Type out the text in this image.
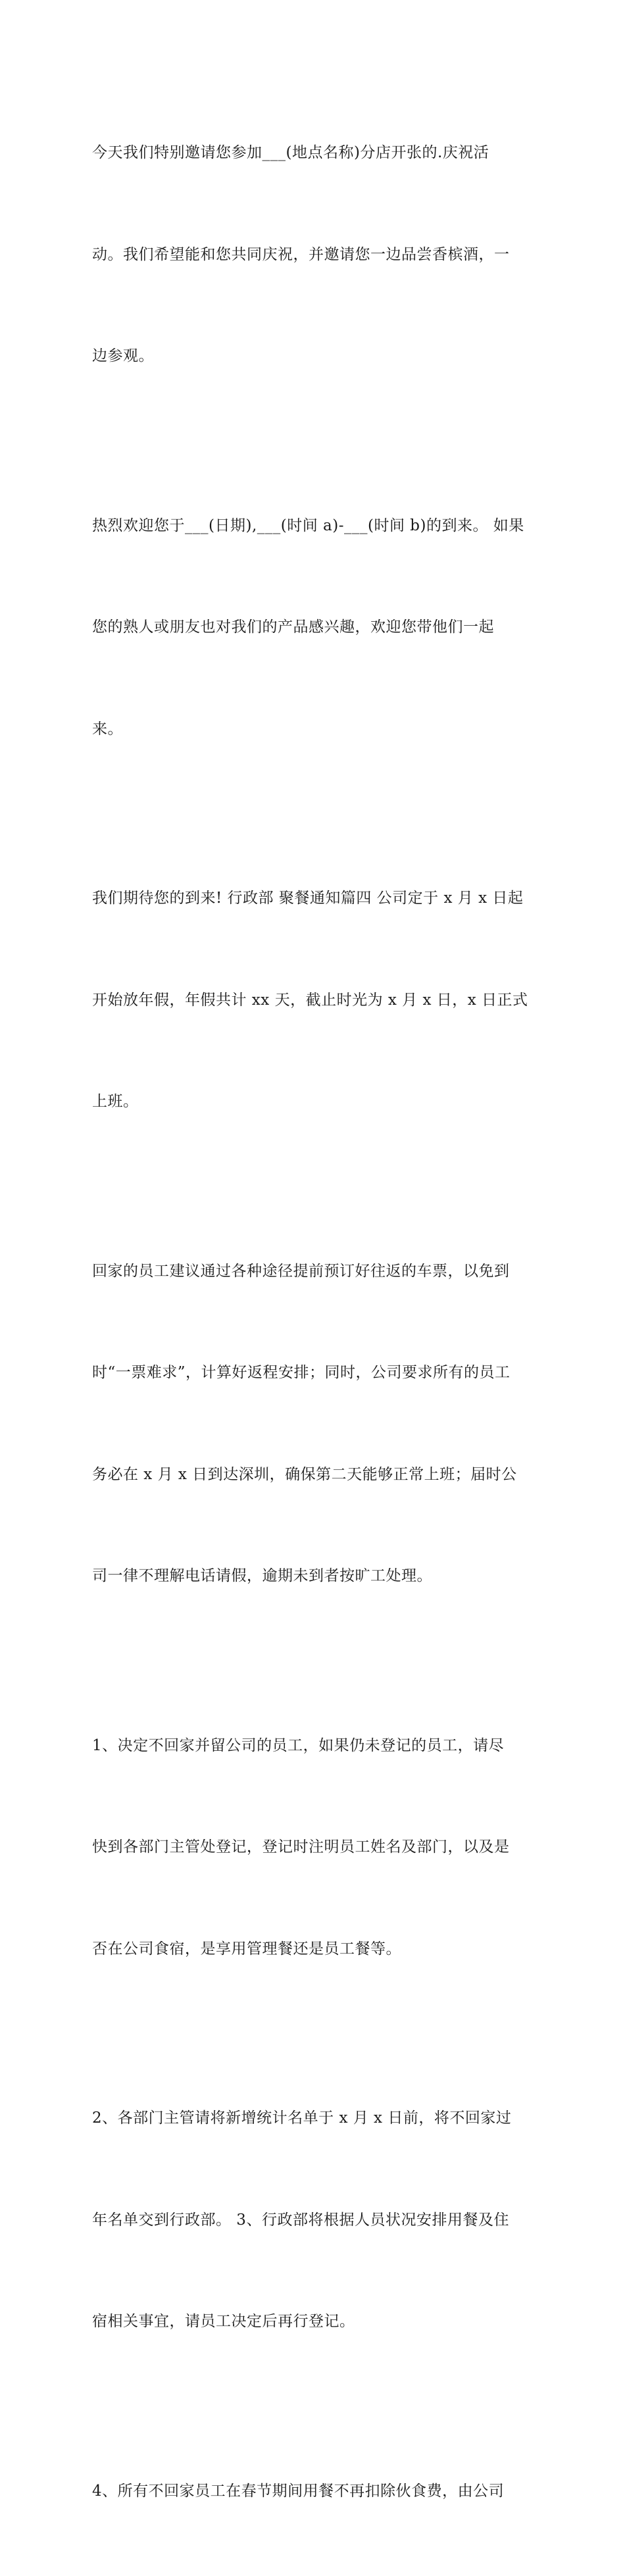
今天我们特别邀请您参加___(地点名称)分店开张的.庆祝活

动。我们希望能和您共同庆祝，并邀请您一边品尝香槟酒，一

边参观。

热烈欢迎您于___(日期),___(时间 a)-___(时间 b)的到来。 如果

您的熟人或朋友也对我们的产品感兴趣，欢迎您带他们一起

来。

我们期待您的到来! 行政部 聚餐通知篇四 公司定于 x 月 x 日起

开始放年假，年假共计 xx 天，截止时光为 x 月 x 日，x 日正式

上班。

回家的员工建议通过各种途径提前预订好往返的车票，以免到

时“一票难求”，计算好返程安排；同时，公司要求所有的员工

务必在 x 月 x 日到达深圳，确保第二天能够正常上班；届时公

司一律不理解电话请假，逾期未到者按旷工处理。

1、决定不回家并留公司的员工，如果仍未登记的员工，请尽

快到各部门主管处登记，登记时注明员工姓名及部门，以及是

否在公司食宿，是享用管理餐还是员工餐等。

2、各部门主管请将新增统计名单于 x 月 x 日前，将不回家过

年名单交到行政部。 3、行政部将根据人员状况安排用餐及住

宿相关事宜，请员工决定后再行登记。

4、所有不回家员工在春节期间用餐不再扣除伙食费，由公司
